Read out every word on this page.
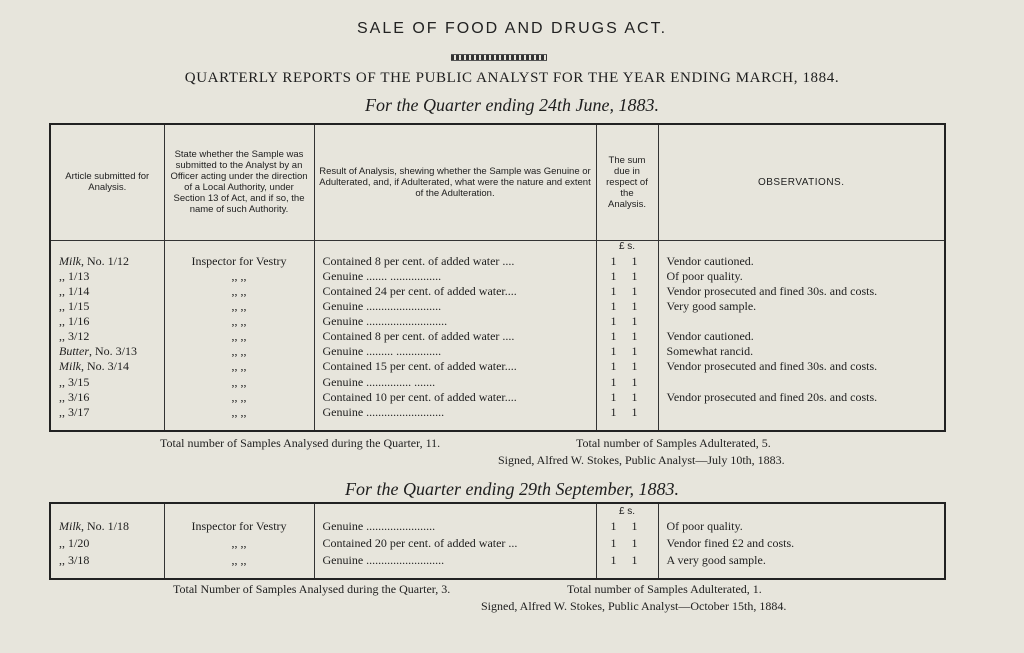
SALE OF FOOD AND DRUGS ACT.
QUARTERLY REPORTS OF THE PUBLIC ANALYST FOR THE YEAR ENDING MARCH, 1884.
For the Quarter ending 24th June, 1883.
Article submitted for Analysis.	State whether the Sample was submitted to the Analyst by an Officer acting under the direction of a Local Authority, under Section 13 of Act, and if so, the name of such Authority.	Result of Analysis, shewing whether the Sample was Genuine or Adulterated, and, if Adulterated, what were the nature and extent of the Adulteration.	The sum due in respect of the Analysis.	OBSERVATIONS.
			£ s.	
Milk, No. 1/12	Inspector for Vestry	Contained 8 per cent. of added water ....	1 1	Vendor cautioned.
,, 1/13	,, ,,	Genuine ....... .................	1 1	Of poor quality.
,, 1/14	,, ,,	Contained 24 per cent. of added water....	1 1	Vendor prosecuted and fined 30s. and costs.
,, 1/15	,, ,,	Genuine .........................	1 1	Very good sample.
,, 1/16	,, ,,	Genuine ...........................	1 1	
,, 3/12	,, ,,	Contained 8 per cent. of added water ....	1 1	Vendor cautioned.
Butter, No. 3/13	,, ,,	Genuine ......... ...............	1 1	Somewhat rancid.
Milk, No. 3/14	,, ,,	Contained 15 per cent. of added water....	1 1	Vendor prosecuted and fined 30s. and costs.
,, 3/15	,, ,,	Genuine ............... .......	1 1	
,, 3/16	,, ,,	Contained 10 per cent. of added water....	1 1	Vendor prosecuted and fined 20s. and costs.
,, 3/17	,, ,,	Genuine ..........................	1 1	

Total number of Samples Analysed during the Quarter, 11.	Total number of Samples Adulterated, 5.
Signed, Alfred W. Stokes, Public Analyst—July 10th, 1883.
For the Quarter ending 29th September, 1883.
			£ s.	
Milk, No. 1/18	Inspector for Vestry	Genuine .......................	1 1	Of poor quality.
,, 1/20	,, ,,	Contained 20 per cent. of added water ...	1 1	Vendor fined £2 and costs.
,, 3/18	,, ,,	Genuine ..........................	1 1	A very good sample.

Total Number of Samples Analysed during the Quarter, 3.	Total number of Samples Adulterated, 1.
Signed, Alfred W. Stokes, Public Analyst—October 15th, 1884.
